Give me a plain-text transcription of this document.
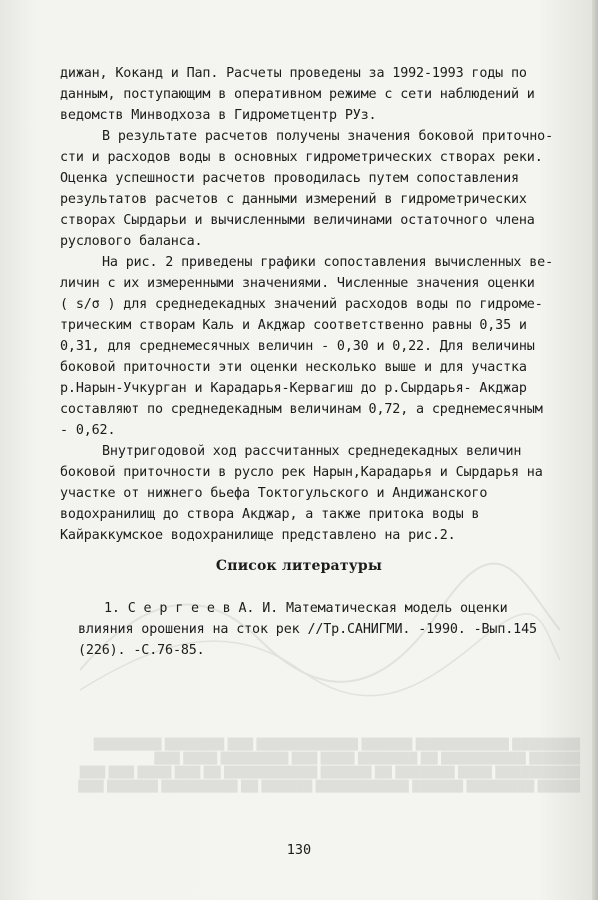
████████ ███████████ ██████ ████████████ ███ ███████ ████████ ██████ ██████████ ██ ███████ ████ ███ ████████ ████ ███ ██████████ ████ ███████ ██ ██████ ███████████ ██ ███ ████ ███ ███ █████ ████████ ██████ ███████████ ██████ ██ █████████ ██████ ███

дижан, Коканд и Пап. Расчеты проведены за 1992-1993 годы по
данным, поступающим в оперативном режиме с сети наблюдений и
ведомств Минводхоза в Гидрометцентр РУз.

В результате расчетов получены значения боковой приточно-
сти и расходов воды в основных гидрометрических створах реки.
Оценка успешности расчетов проводилась путем сопоставления
результатов расчетов с данными измерений в гидрометрических
створах Сырдарьи и вычисленными величинами остаточного члена
руслового баланса.

На рис. 2 приведены графики сопоставления вычисленных ве-
личин с их измеренными значениями. Численные значения оценки
( s/σ ) для среднедекадных значений расходов воды по гидроме-
трическим створам Каль и Акджар соответственно равны 0,35 и
0,31, для среднемесячных величин - 0,30 и 0,22. Для величины
боковой приточности эти оценки несколько выше и для участка
р.Нарын-Учкурган и Карадарья-Кервагиш до р.Сырдарья- Акджар
составляют по среднедекадным величинам 0,72, а среднемесячным
- 0,62.

Внутригодовой ход рассчитанных среднедекадных величин
боковой приточности в русло рек Нарын,Карадарья и Сырдарья на
участке от нижнего бьефа Токтогульского и Андижанского
водохранилищ до створа Акджар, а также притока воды в
Кайраккумское водохранилище представлено на рис.2.

Список литературы

1. С е р г е е в А. И. Математическая модель оценки
влияния орошения на сток рек //Тр.САНИГМИ. -1990. -Вып.145
(226). -С.76-85.

130
